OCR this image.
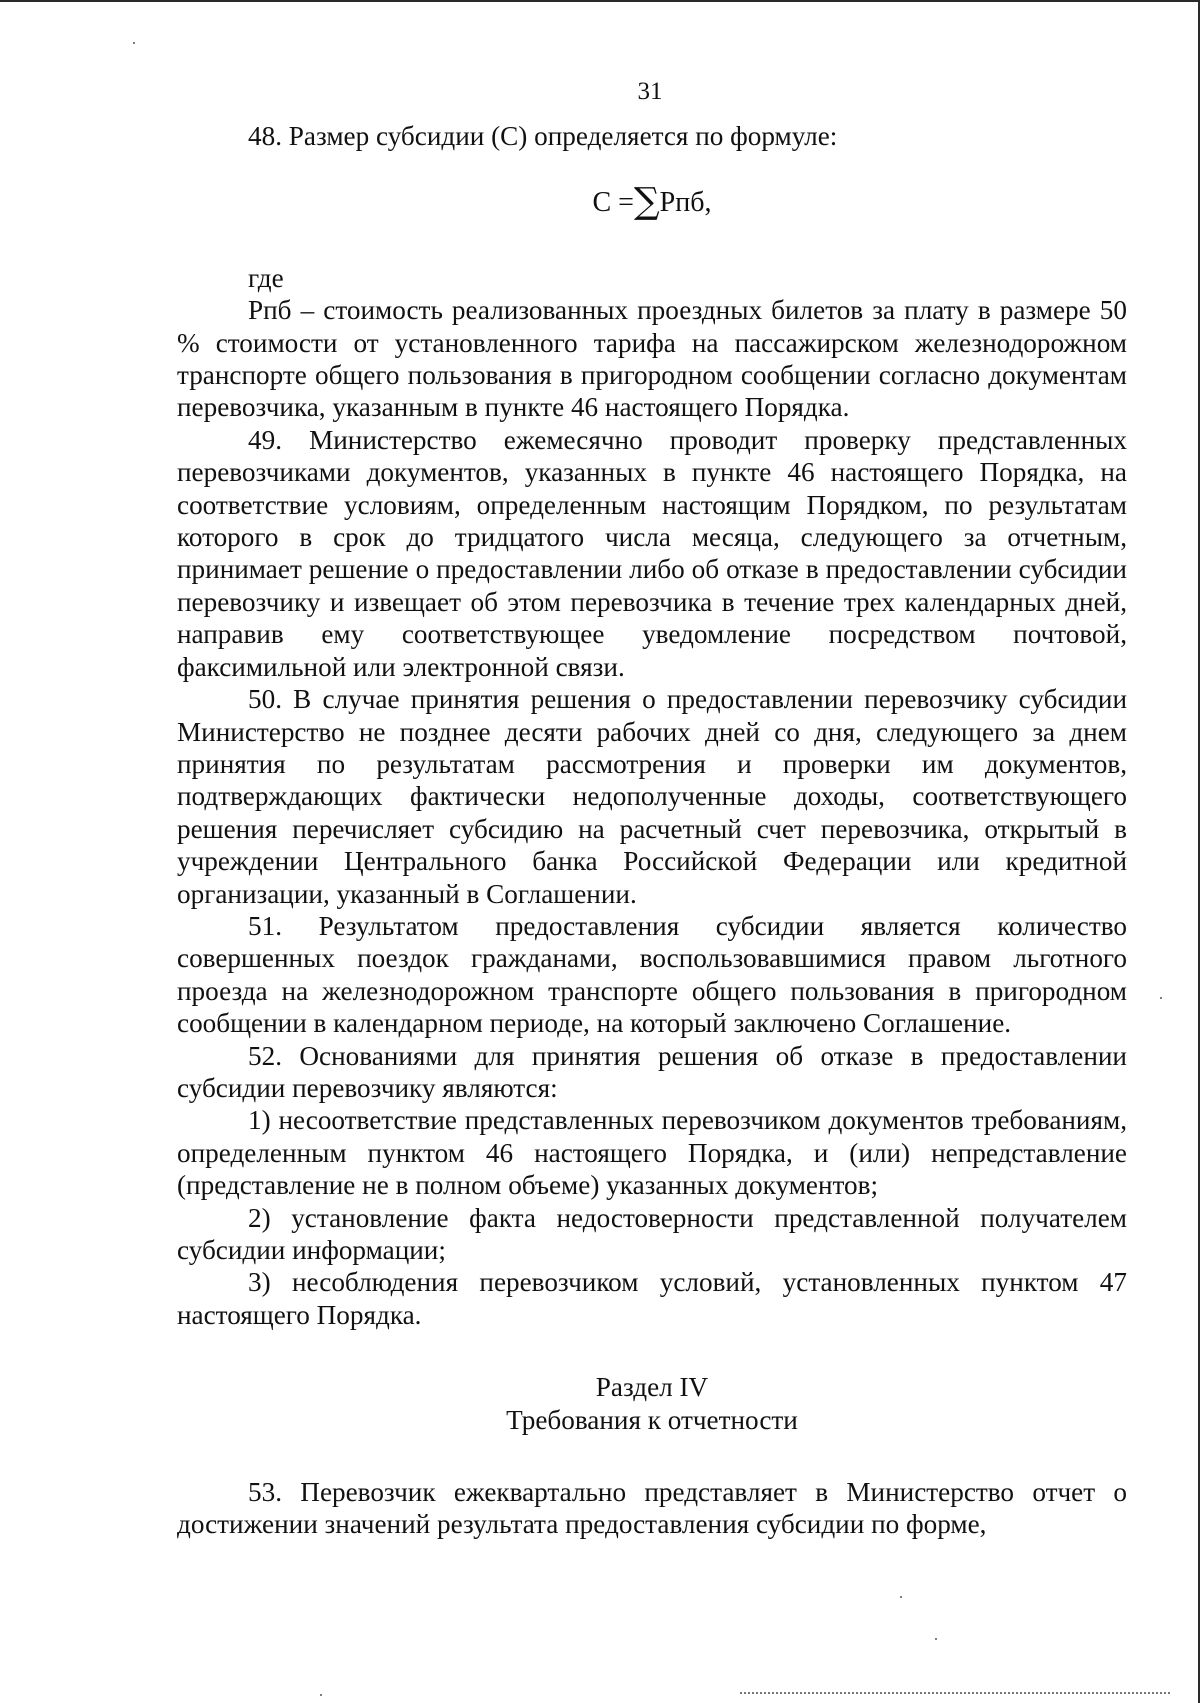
31

48. Размер субсидии (С) определяется по формуле:

С =∑Рпб,

где

Рпб – стоимость реализованных проездных билетов за плату в размере 50 % стоимости от установленного тарифа на пассажирском железнодорожном транспорте общего пользования в пригородном сообщении согласно документам перевозчика, указанным в пункте 46 настоящего Порядка.

49. Министерство ежемесячно проводит проверку представленных перевозчиками документов, указанных в пункте 46 настоящего Порядка, на соответствие условиям, определенным настоящим Порядком, по результатам которого в срок до тридцатого числа месяца, следующего за отчетным, принимает решение о предоставлении либо об отказе в предоставлении субсидии перевозчику и извещает об этом перевозчика в течение трех календарных дней, направив ему соответствующее уведомление посредством почтовой, факсимильной или электронной связи.

50. В случае принятия решения о предоставлении перевозчику субсидии Министерство не позднее десяти рабочих дней со дня, следующего за днем принятия по результатам рассмотрения и проверки им документов, подтверждающих фактически недополученные доходы, соответствующего решения перечисляет субсидию на расчетный счет перевозчика, открытый в учреждении Центрального банка Российской Федерации или кредитной организации, указанный в Соглашении.

51. Результатом предоставления субсидии является количество совершенных поездок гражданами, воспользовавшимися правом льготного проезда на железнодорожном транспорте общего пользования в пригородном сообщении в календарном периоде, на который заключено Соглашение.

52. Основаниями для принятия решения об отказе в предоставлении субсидии перевозчику являются:

1) несоответствие представленных перевозчиком документов требованиям, определенным пунктом 46 настоящего Порядка, и (или) непредставление (представление не в полном объеме) указанных документов;

2) установление факта недостоверности представленной получателем субсидии информации;

3) несоблюдения перевозчиком условий, установленных пунктом 47 настоящего Порядка.

Раздел IV

Требования к отчетности

53. Перевозчик ежеквартально представляет в Министерство отчет о достижении значений результата предоставления субсидии по форме,
